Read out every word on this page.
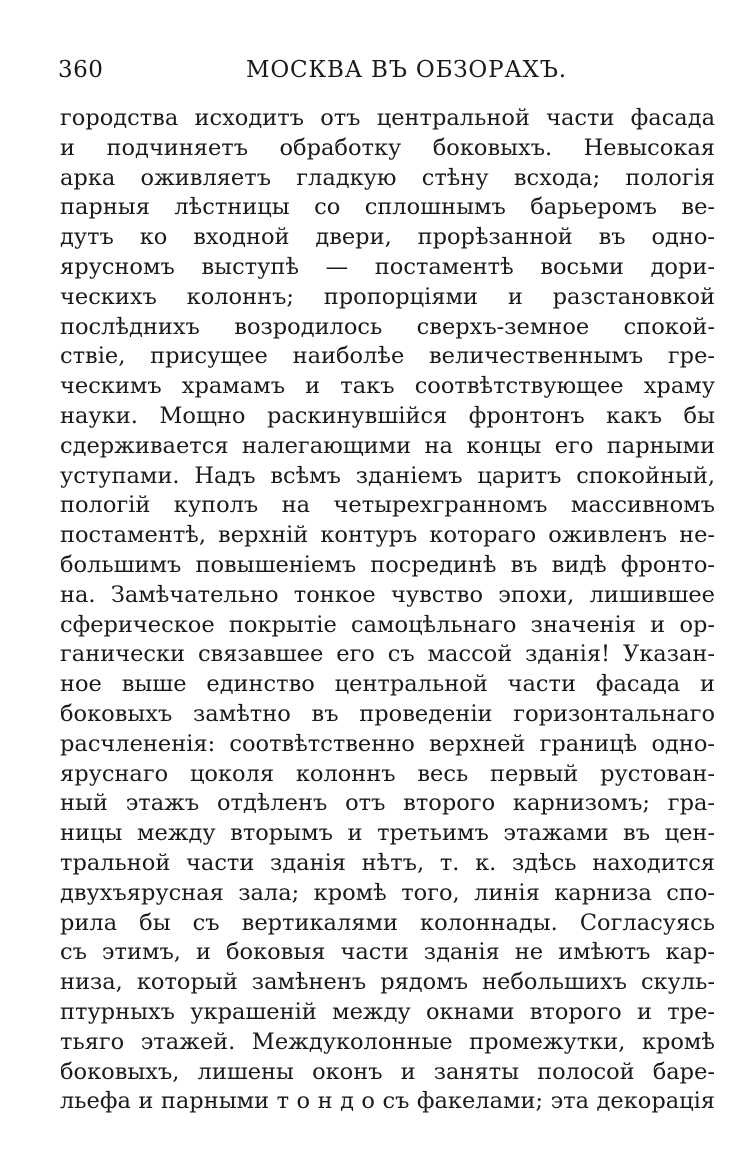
360	МОСКВА ВЪ ОБЗОРАХЪ.
городства исходитъ отъ центральной части фасада
и подчиняетъ обработку боковыхъ. Невысокая
арка оживляетъ гладкую стѣну всхода; пологія
парныя лѣстницы со сплошнымъ барьеромъ ве-
дутъ ко входной двери, прорѣзанной въ одно-
ярусномъ выступѣ — постаментѣ восьми дори-
ческихъ колоннъ; пропорціями и разстановкой
послѣднихъ возродилось сверхъ-земное спокой-
ствіе, присущее наиболѣе величественнымъ гре-
ческимъ храмамъ и такъ соотвѣтствующее храму
науки. Мощно раскинувшійся фронтонъ какъ бы
сдерживается налегающими на концы его парными
уступами. Надъ всѣмъ зданіемъ царитъ спокойный,
пологій куполъ на четырехгранномъ массивномъ
постаментѣ, верхній контуръ котораго оживленъ не-
большимъ повышеніемъ посрединѣ въ видѣ фронто-
на. Замѣчательно тонкое чувство эпохи, лишившее
сферическое покрытіе самоцѣльнаго значенія и ор-
ганически связавшее его съ массой зданія! Указан-
ное выше единство центральной части фасада и
боковыхъ замѣтно въ проведеніи горизонтальнаго
расчлененія: соотвѣтственно верхней границѣ одно-
яруснаго цоколя колоннъ весь первый рустован-
ный этажъ отдѣленъ отъ второго карнизомъ; гра-
ницы между вторымъ и третьимъ этажами въ цен-
тральной части зданія нѣтъ, т. к. здѣсь находится
двухъярусная зала; кромѣ того, линія карниза спо-
рила бы съ вертикалями колоннады. Согласуясь
съ этимъ, и боковыя части зданія не имѣютъ кар-
низа, который замѣненъ рядомъ небольшихъ скуль-
птурныхъ украшеній между окнами второго и тре-
тьяго этажей. Междуколонные промежутки, кромѣ
боковыхъ, лишены оконъ и заняты полосой баре-
льефа и парными т о н д о съ факелами; эта декорація
